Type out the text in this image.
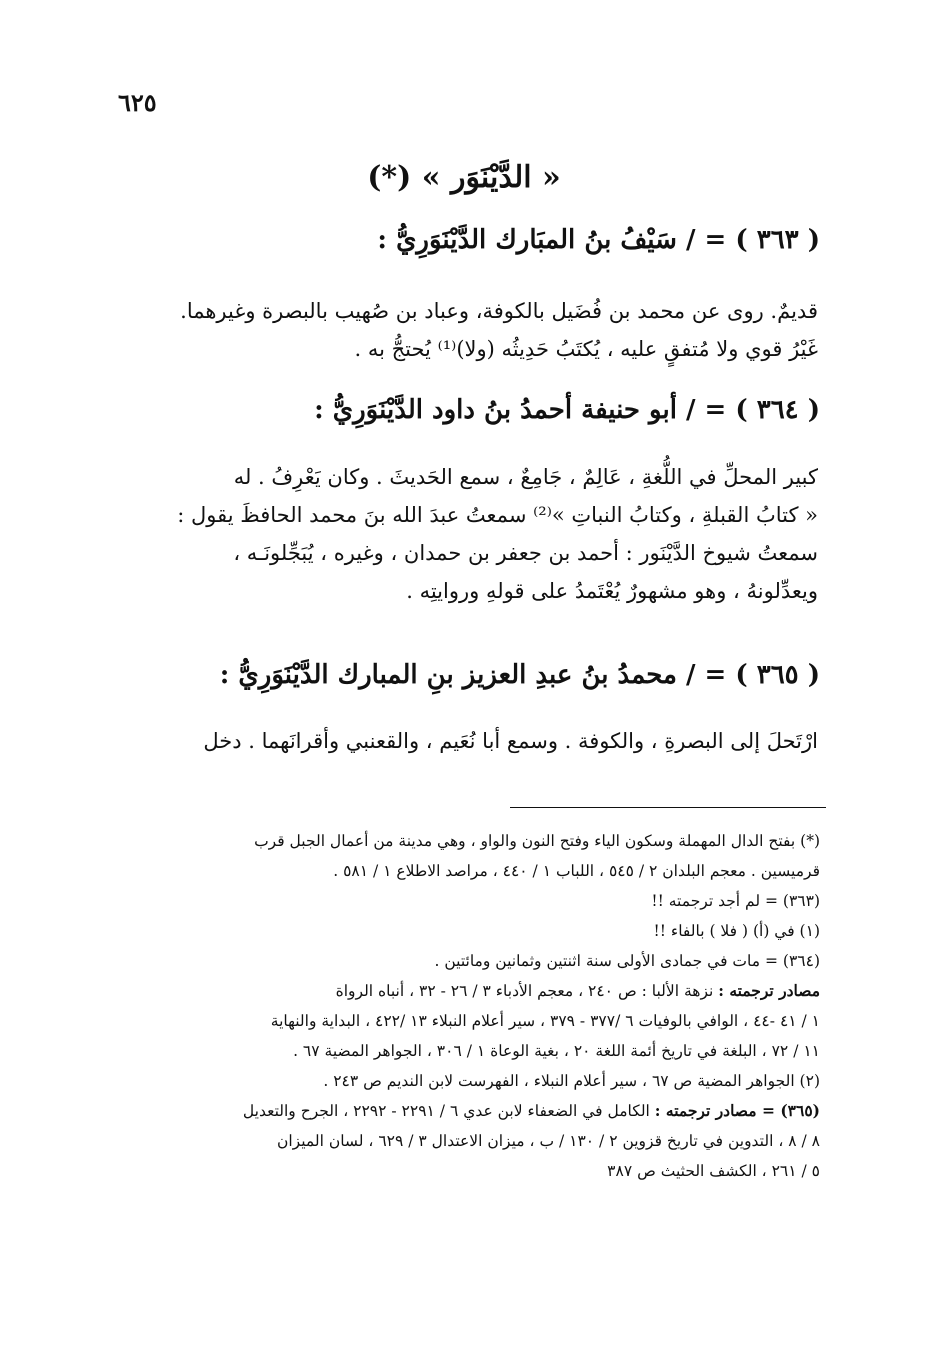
٦٢٥
« الدَّيْنَوَر » (*)
( ٣٦٣ ) = / سَيْفُ بنُ المبَارك الدَّيْنَوَرِيُّ :
قديمٌ. روى عن محمد بن فُضَيل بالكوفة، وعباد بن صُهيب بالبصرة وغيرهما.
غَيْرُ قوي ولا مُتفقٍ عليه ، يُكتَبُ حَدِيثُه (ولا)⁽¹⁾ يُحتجُّ به .
( ٣٦٤ ) = / أبو حنيفة أحمدُ بنُ داود الدَّيْنَوَرِيُّ :
كبير المحلِّ في اللُّغةِ ، عَالِمٌ ، جَامِعٌ ، سمع الحَديثَ . وكان يَعْرِفُ . له
« كتابُ القبلةِ ، وكتابُ النباتِ »⁽²⁾ سمعتُ عبدَ الله بنَ محمد الحافظَ يقول :
سمعتُ شيوخ الدَّيْنَور : أحمد بن جعفر بن حمدان ، وغيره ، يُبَجِّلونَـه ،
ويعدِّلونهُ ، وهو مشهورٌ يُعْتَمدُ على قولهِ وروايتِه .
( ٣٦٥ ) = / محمدُ بنُ عبدِ العزيز بنِ المبارك الدَّيْنَوَرِيُّ :
ارْتَحلَ إلى البصرةِ ، والكوفة . وسمع أبا نُعَيم ، والقعنبي وأقرانَهما . دخل

(*) بفتح الدال المهملة وسكون الياء وفتح النون والواو ، وهي مدينة من أعمال الجبل قرب

قرميسين . معجم البلدان ٢ / ٥٤٥ ، اللباب ١ / ٤٤٠ ، مراصد الاطلاع ١ / ٥٨١ .

(٣٦٣) = لم أجد ترجمته !!

(١) في (أ) ( فلا ) بالفاء !!

(٣٦٤) = مات في جمادى الأولى سنة اثنتين وثمانين ومائتين .

مصادر ترجمته : نزهة الألبا : ص ٢٤٠ ، معجم الأدباء ٣ / ٢٦ - ٣٢ ، أنباه الرواة

١ / ٤١ -٤٤ ، الوافي بالوفيات ٦ /٣٧٧ - ٣٧٩ ، سير أعلام النبلاء ١٣ /٤٢٢ ، البداية والنهاية

١١ / ٧٢ ، البلغة في تاريخ أئمة اللغة ٢٠ ، بغية الوعاة ١ / ٣٠٦ ، الجواهر المضية ٦٧ .

(٢) الجواهر المضية ص ٦٧ ، سير أعلام النبلاء ، الفهرست لابن النديم ص ٢٤٣ .

(٣٦٥) = مصادر ترجمته : الكامل في الضعفاء لابن عدي ٦ / ٢٢٩١ - ٢٢٩٢ ، الجرح والتعديل

٨ / ٨ ، التدوين في تاريخ قزوين ٢ / ١٣٠ / ب ، ميزان الاعتدال ٣ / ٦٢٩ ، لسان الميزان

٥ / ٢٦١ ، الكشف الحثيث ص ٣٨٧
